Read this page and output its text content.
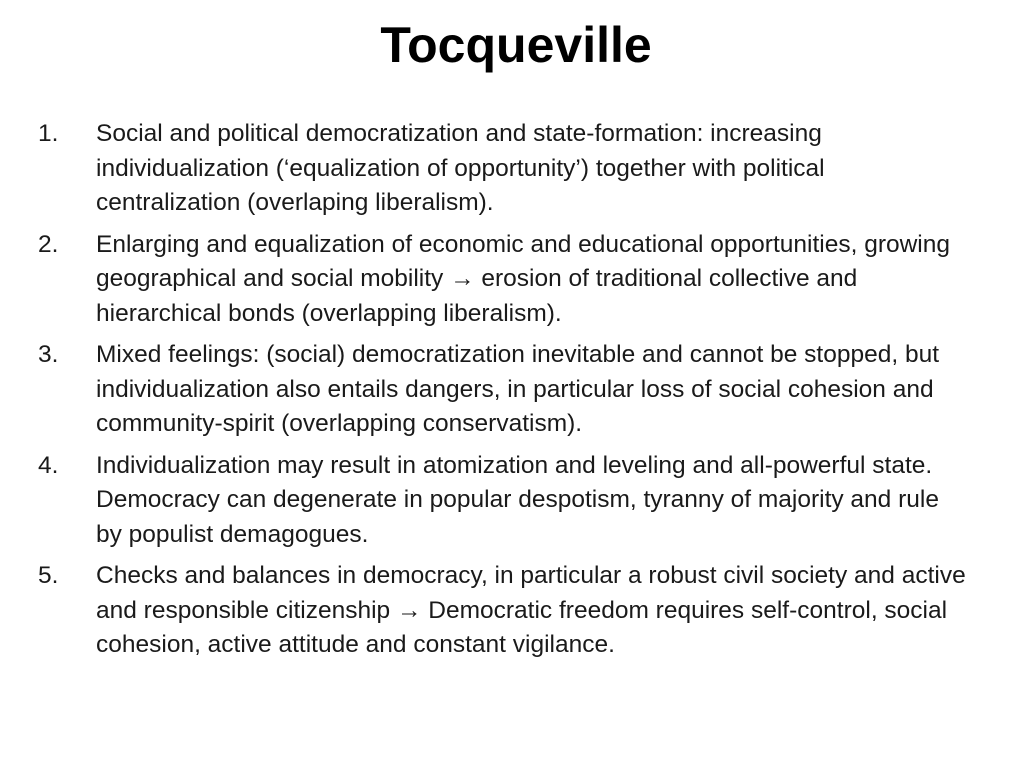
Tocqueville
1.	Social and political democratization and state-formation: increasing individualization (‘equalization of opportunity’) together with political centralization (overlaping liberalism).
2.	Enlarging and equalization of economic and educational opportunities, growing geographical and social mobility → erosion of traditional collective and hierarchical bonds (overlapping liberalism).
3.	Mixed feelings: (social) democratization inevitable and cannot be stopped, but individualization also entails dangers, in particular loss of social cohesion and community-spirit (overlapping conservatism).
4.	Individualization may result in atomization and leveling and all-powerful state. Democracy can degenerate in popular despotism, tyranny of majority and rule by populist demagogues.
5.	Checks and balances in democracy, in particular a robust civil society and active and responsible citizenship → Democratic freedom requires self-control, social cohesion, active attitude and constant vigilance.
